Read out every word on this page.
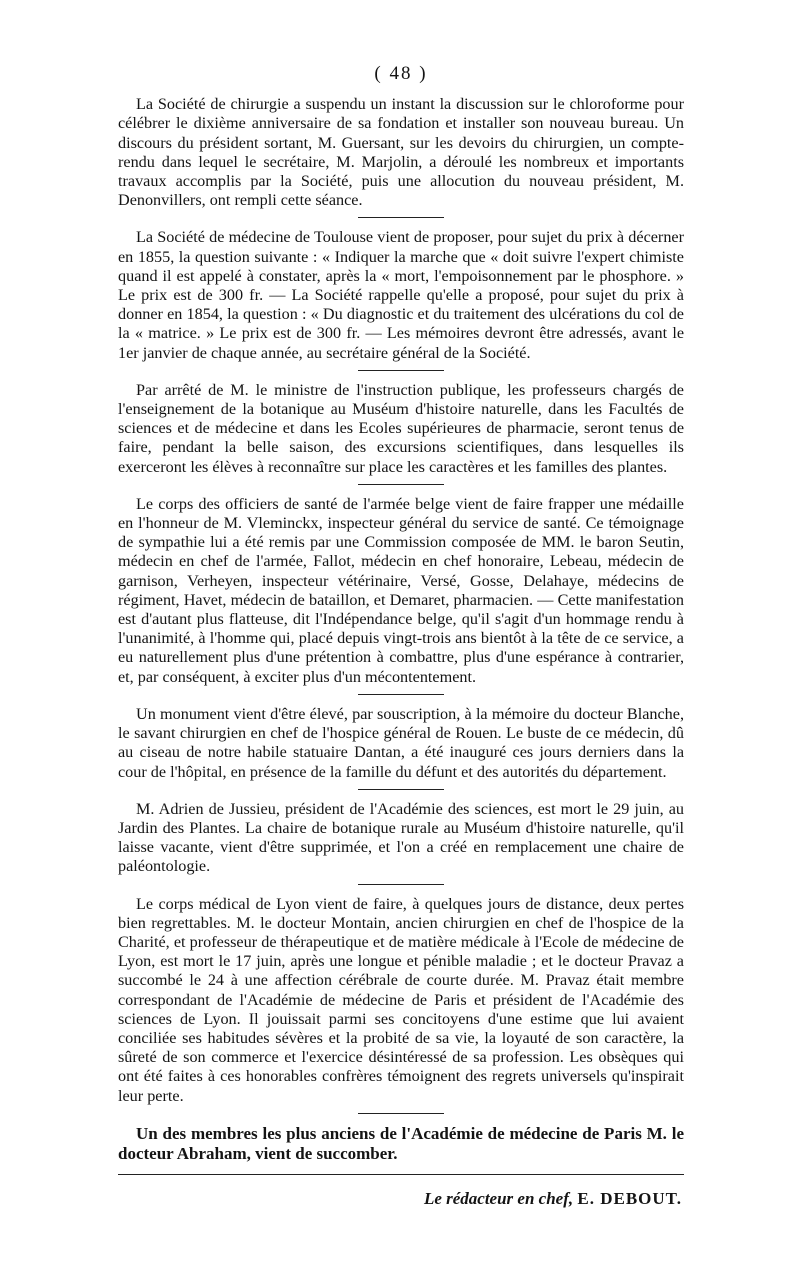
( 48 )

La Société de chirurgie a suspendu un instant la discussion sur le chloroforme pour célébrer le dixième anniversaire de sa fondation et installer son nouveau bureau. Un discours du président sortant, M. Guersant, sur les devoirs du chirurgien, un compte-rendu dans lequel le secrétaire, M. Marjolin, a déroulé les nombreux et importants travaux accomplis par la Société, puis une allocution du nouveau président, M. Denonvillers, ont rempli cette séance.

La Société de médecine de Toulouse vient de proposer, pour sujet du prix à décerner en 1855, la question suivante : « Indiquer la marche que « doit suivre l'expert chimiste quand il est appelé à constater, après la « mort, l'empoisonnement par le phosphore. » Le prix est de 300 fr. — La Société rappelle qu'elle a proposé, pour sujet du prix à donner en 1854, la question : « Du diagnostic et du traitement des ulcérations du col de la « matrice. » Le prix est de 300 fr. — Les mémoires devront être adressés, avant le 1er janvier de chaque année, au secrétaire général de la Société.

Par arrêté de M. le ministre de l'instruction publique, les professeurs chargés de l'enseignement de la botanique au Muséum d'histoire naturelle, dans les Facultés de sciences et de médecine et dans les Ecoles supérieures de pharmacie, seront tenus de faire, pendant la belle saison, des excursions scientifiques, dans lesquelles ils exerceront les élèves à reconnaître sur place les caractères et les familles des plantes.

Le corps des officiers de santé de l'armée belge vient de faire frapper une médaille en l'honneur de M. Vleminckx, inspecteur général du service de santé. Ce témoignage de sympathie lui a été remis par une Commission composée de MM. le baron Seutin, médecin en chef de l'armée, Fallot, médecin en chef honoraire, Lebeau, médecin de garnison, Verheyen, inspecteur vétérinaire, Versé, Gosse, Delahaye, médecins de régiment, Havet, médecin de bataillon, et Demaret, pharmacien. — Cette manifestation est d'autant plus flatteuse, dit l'Indépendance belge, qu'il s'agit d'un hommage rendu à l'unanimité, à l'homme qui, placé depuis vingt-trois ans bientôt à la tête de ce service, a eu naturellement plus d'une prétention à combattre, plus d'une espérance à contrarier, et, par conséquent, à exciter plus d'un mécontentement.

Un monument vient d'être élevé, par souscription, à la mémoire du docteur Blanche, le savant chirurgien en chef de l'hospice général de Rouen. Le buste de ce médecin, dû au ciseau de notre habile statuaire Dantan, a été inauguré ces jours derniers dans la cour de l'hôpital, en présence de la famille du défunt et des autorités du département.

M. Adrien de Jussieu, président de l'Académie des sciences, est mort le 29 juin, au Jardin des Plantes. La chaire de botanique rurale au Muséum d'histoire naturelle, qu'il laisse vacante, vient d'être supprimée, et l'on a créé en remplacement une chaire de paléontologie.

Le corps médical de Lyon vient de faire, à quelques jours de distance, deux pertes bien regrettables. M. le docteur Montain, ancien chirurgien en chef de l'hospice de la Charité, et professeur de thérapeutique et de matière médicale à l'Ecole de médecine de Lyon, est mort le 17 juin, après une longue et pénible maladie ; et le docteur Pravaz a succombé le 24 à une affection cérébrale de courte durée. M. Pravaz était membre correspondant de l'Académie de médecine de Paris et président de l'Académie des sciences de Lyon. Il jouissait parmi ses concitoyens d'une estime que lui avaient conciliée ses habitudes sévères et la probité de sa vie, la loyauté de son caractère, la sûreté de son commerce et l'exercice désintéressé de sa profession. Les obsèques qui ont été faites à ces honorables confrères témoignent des regrets universels qu'inspirait leur perte.

Un des membres les plus anciens de l'Académie de médecine de Paris M. le docteur Abraham, vient de succomber.

Le rédacteur en chef, E. DEBOUT.
